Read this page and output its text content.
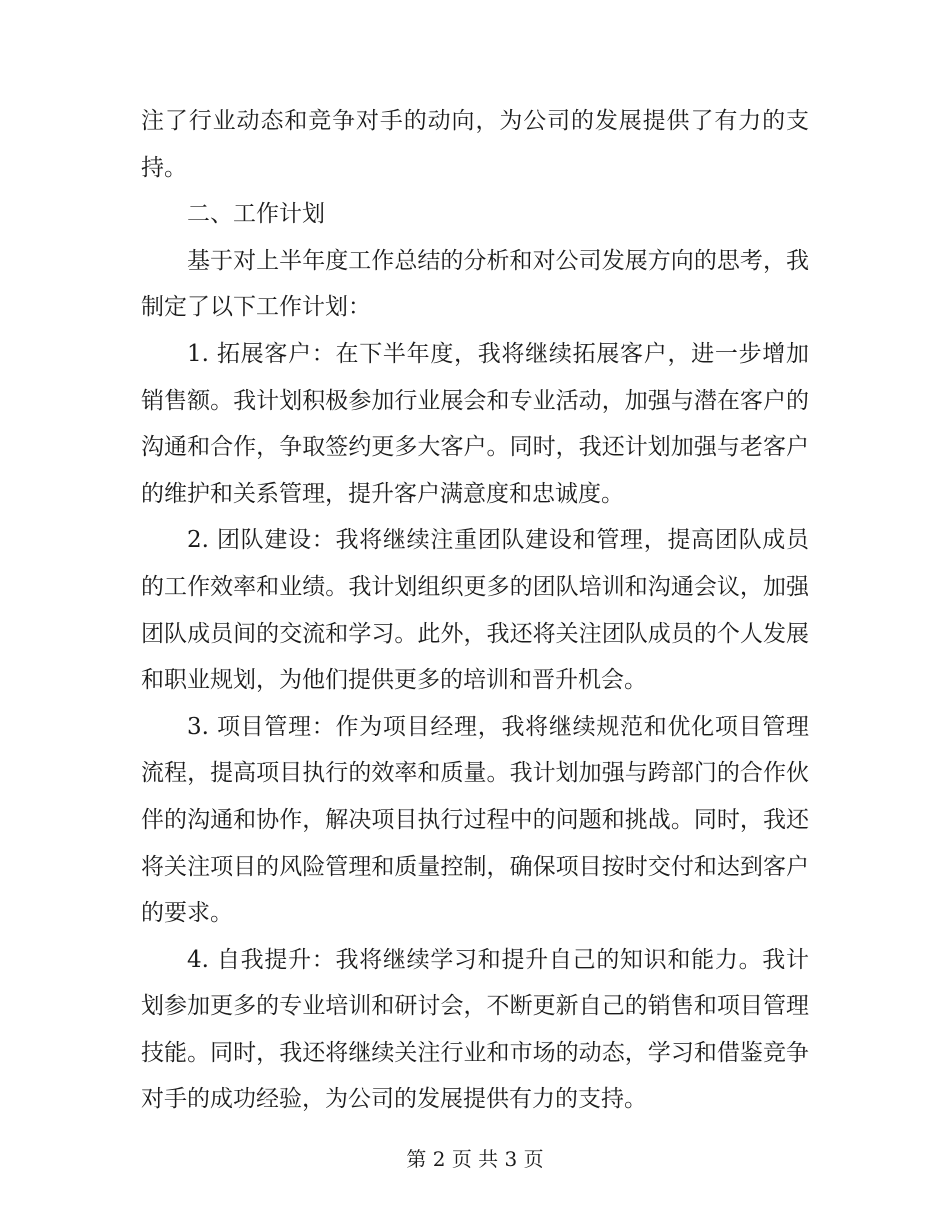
注了行业动态和竞争对手的动向，为公司的发展提供了有力的支持。

二、工作计划

基于对上半年度工作总结的分析和对公司发展方向的思考，我制定了以下工作计划：

1. 拓展客户：在下半年度，我将继续拓展客户，进一步增加销售额。我计划积极参加行业展会和专业活动，加强与潜在客户的沟通和合作，争取签约更多大客户。同时，我还计划加强与老客户的维护和关系管理，提升客户满意度和忠诚度。

2. 团队建设：我将继续注重团队建设和管理，提高团队成员的工作效率和业绩。我计划组织更多的团队培训和沟通会议，加强团队成员间的交流和学习。此外，我还将关注团队成员的个人发展和职业规划，为他们提供更多的培训和晋升机会。

3. 项目管理：作为项目经理，我将继续规范和优化项目管理流程，提高项目执行的效率和质量。我计划加强与跨部门的合作伙伴的沟通和协作，解决项目执行过程中的问题和挑战。同时，我还将关注项目的风险管理和质量控制，确保项目按时交付和达到客户的要求。

4. 自我提升：我将继续学习和提升自己的知识和能力。我计划参加更多的专业培训和研讨会，不断更新自己的销售和项目管理技能。同时，我还将继续关注行业和市场的动态，学习和借鉴竞争对手的成功经验，为公司的发展提供有力的支持。

第 2 页 共 3 页
